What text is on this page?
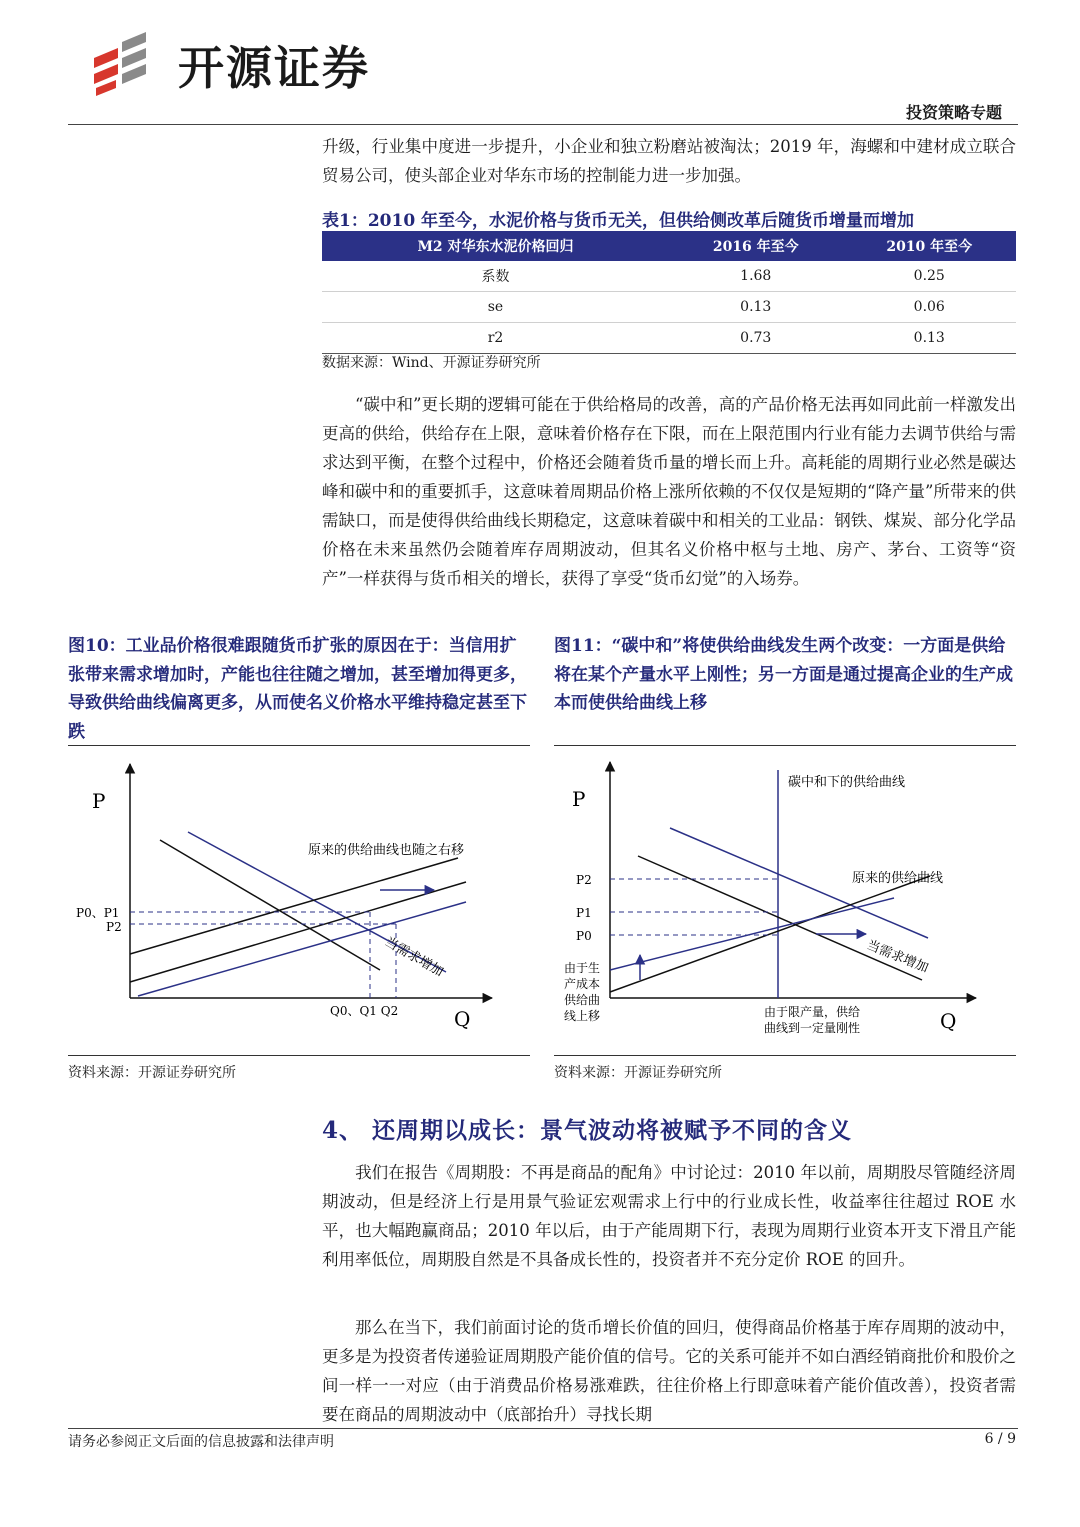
开源证券
投资策略专题

升级，行业集中度进一步提升，小企业和独立粉磨站被淘汰；2019 年，海螺和中建材成立联合贸易公司，使头部企业对华东市场的控制能力进一步加强。

表1：2010 年至今，水泥价格与货币无关，但供给侧改革后随货币增量而增加
M2 对华东水泥价格回归	2016 年至今	2010 年至今
系数	1.68	0.25
se	0.13	0.06
r2	0.73	0.13
数据来源：Wind、开源证券研究所

“碳中和”更长期的逻辑可能在于供给格局的改善，高的产品价格无法再如同此前一样激发出更高的供给，供给存在上限，意味着价格存在下限，而在上限范围内行业有能力去调节供给与需求达到平衡，在整个过程中，价格还会随着货币量的增长而上升。高耗能的周期行业必然是碳达峰和碳中和的重要抓手，这意味着周期品价格上涨所依赖的不仅仅是短期的“降产量”所带来的供需缺口，而是使得供给曲线长期稳定，这意味着碳中和相关的工业品：钢铁、煤炭、部分化学品价格在未来虽然仍会随着库存周期波动，但其名义价格中枢与土地、房产、茅台、工资等“资产”一样获得与货币相关的增长，获得了享受“货币幻觉”的入场券。

图10：工业品价格很难跟随货币扩张的原因在于：当信用扩张带来需求增加时，产能也往往随之增加，甚至增加得更多，导致供给曲线偏离更多，从而使名义价格水平维持稳定甚至下跌
P
Q
原来的供给曲线也随之右移
当需求增加
P0、P1
P2
Q0、Q1 Q2
资料来源：开源证券研究所
图11：“碳中和”将使供给曲线发生两个改变：一方面是供给将在某个产量水平上刚性；另一方面是通过提高企业的生产成本而使供给曲线上移
P
Q
碳中和下的供给曲线
原来的供给曲线
当需求增加
P2
P1
P0
由于生
产成本
供给曲
线上移	由于限产量，供给
曲线到一定量刚性
资料来源：开源证券研究所
4、 还周期以成长：景气波动将被赋予不同的含义

我们在报告《周期股：不再是商品的配角》中讨论过：2010 年以前，周期股尽管随经济周期波动，但是经济上行是用景气验证宏观需求上行中的行业成长性，收益率往往超过 ROE 水平，也大幅跑赢商品；2010 年以后，由于产能周期下行，表现为周期行业资本开支下滑且产能利用率低位，周期股自然是不具备成长性的，投资者并不充分定价 ROE 的回升。

那么在当下，我们前面讨论的货币增长价值的回归，使得商品价格基于库存周期的波动中，更多是为投资者传递验证周期股产能价值的信号。它的关系可能并不如白酒经销商批价和股价之间一样一一对应（由于消费品价格易涨难跌，往往价格上行即意味着产能价值改善），投资者需要在商品的周期波动中（底部抬升）寻找长期

请务必参阅正文后面的信息披露和法律声明	6 / 9
